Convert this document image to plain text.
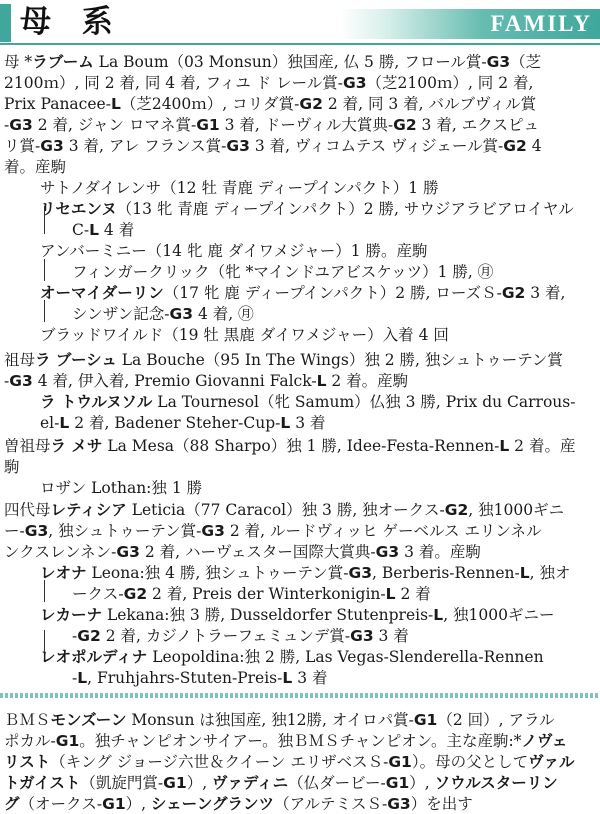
母 系	FAMILY
母 *ラブーム La Boum（03 Monsun）独国産, 仏 5 勝, フロール賞-G3（芝
2100ｍ）, 同 2 着, 同 4 着, フィユ ド レール賞-G3（芝2100ｍ）, 同 2 着,
Prix Panacee-L（芝2400ｍ）, コリダ賞-G2 2 着, 同 3 着, バルブヴィル賞
-G3 2 着, ジャン ロマネ賞-G1 3 着, ドーヴィル大賞典-G2 3 着, エクスピュ
リ賞-G3 3 着, アレ フランス賞-G3 3 着, ヴィコムテス ヴィジェール賞-G2 4
着。産駒
サトノダイレンサ（12 牡 青鹿 ディープインパクト）1 勝
リセエンヌ（13 牝 青鹿 ディープインパクト）2 勝, サウジアラビアロイヤル
C-L 4 着
アンバーミニー（14 牝 鹿 ダイワメジャー）1 勝。産駒
フィンガークリック（牝 *マインドユアビスケッツ）1 勝, ㊊
オーマイダーリン（17 牝 鹿 ディープインパクト）2 勝, ローズＳ-G2 3 着,
シンザン記念-G3 4 着, ㊊
ブラッドワイルド（19 牡 黒鹿 ダイワメジャー）入着 4 回
祖母ラ ブーシュ La Bouche（95 In The Wings）独 2 勝, 独シュトゥーテン賞
-G3 4 着, 伊入着, Premio Giovanni Falck-L 2 着。産駒
ラ トウルヌソル La Tournesol（牝 Samum）仏独 3 勝, Prix du Carrous-
el-L 2 着, Badener Steher-Cup-L 3 着
曽祖母ラ メサ La Mesa（88 Sharpo）独 1 勝, Idee-Festa-Rennen-L 2 着。産
駒
ロザン Lothan:独 1 勝
四代母レティシア Leticia（77 Caracol）独 3 勝, 独オークス-G2, 独1000ギニ
ー-G3, 独シュトゥーテン賞-G3 2 着, ルードヴィッヒ ゲーベルス エリンネル
ンクスレンネン-G3 2 着, ハーヴェスター国際大賞典-G3 3 着。産駒
レオナ Leona:独 4 勝, 独シュトゥーテン賞-G3, Berberis-Rennen-L, 独オ
ークス-G2 2 着, Preis der Winterkonigin-L 2 着
レカーナ Lekana:独 3 勝, Dusseldorfer Stutenpreis-L, 独1000ギニー
-G2 2 着, カジノトラーフェミュンデ賞-G3 3 着
レオポルディナ Leopoldina:独 2 勝, Las Vegas-Slenderella-Rennen
-L, Fruhjahrs-Stuten-Preis-L 3 着
ＢＭＳモンズーン Monsun は独国産, 独12勝, オイロパ賞-G1（2 回）, アラル
ポカル-G1。独チャンピオンサイアー。独ＢＭＳチャンピオン。主な産駒:*ノヴェ
リスト（キング ジョージ六世＆クイーン エリザベスＳ-G1）。母の父としてヴァル
トガイスト（凱旋門賞-G1）, ヴァディニ（仏ダービー-G1）, ソウルスターリン
グ（オークス-G1）, シェーングランツ（アルテミスＳ-G3）を出す
